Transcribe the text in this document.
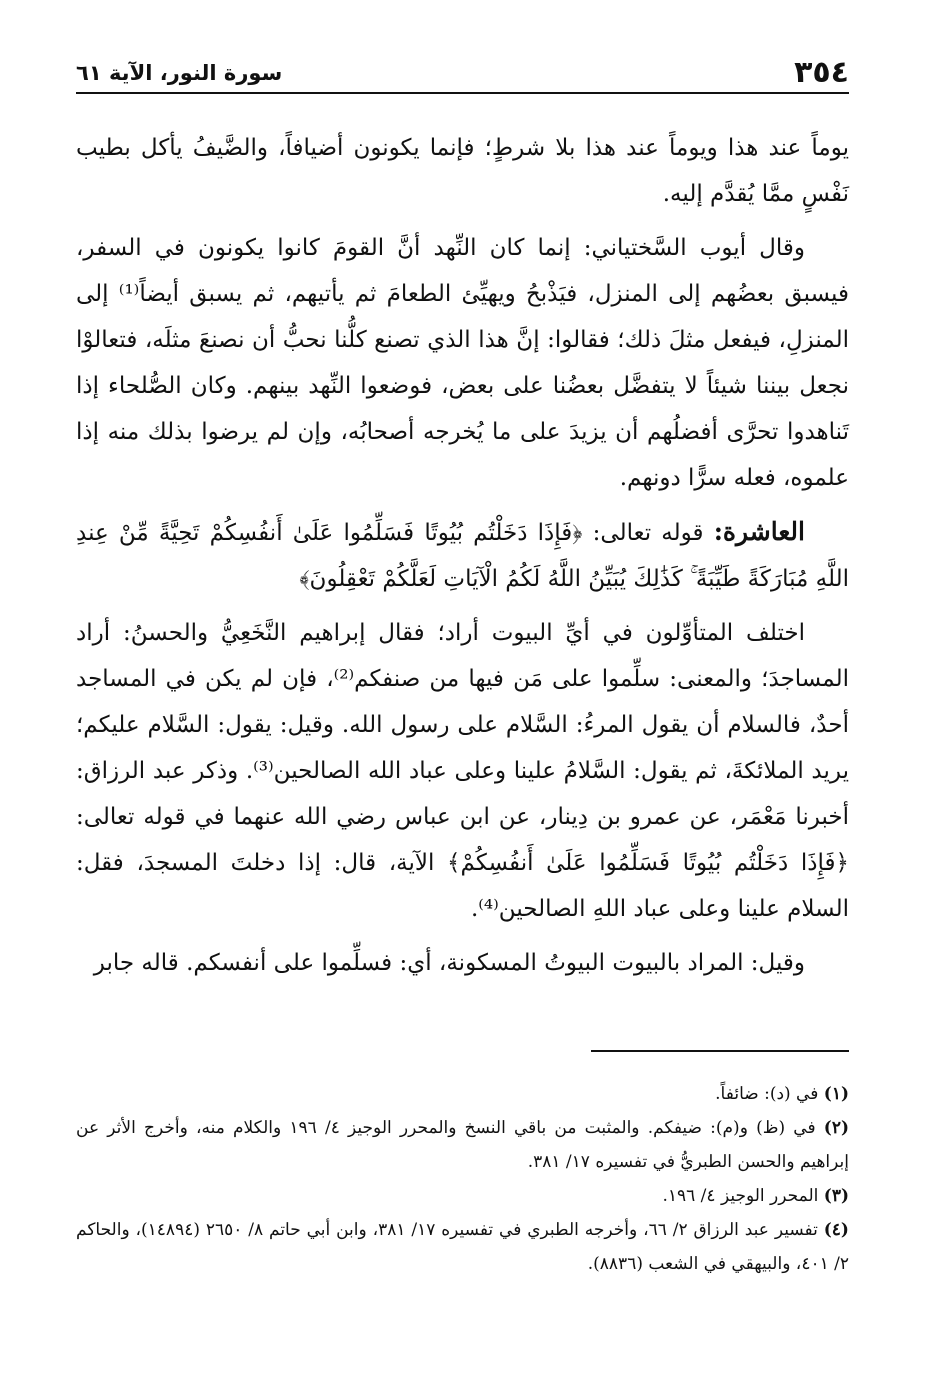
٣٥٤
سورة النور، الآية ٦١

يوماً عند هذا ويوماً عند هذا بلا شرطٍ؛ فإنما يكونون أضيافاً، والضَّيفُ يأكل بطيب نَفْسٍ ممَّا يُقدَّم إليه.

وقال أيوب السَّختياني: إنما كان النِّهد أنَّ القومَ كانوا يكونون في السفر، فيسبق بعضُهم إلى المنزل، فيَذْبحُ ويهيِّئ الطعامَ ثم يأتيهم، ثم يسبق أيضاً⁽¹⁾ إلى المنزلِ، فيفعل مثلَ ذلك؛ فقالوا: إنَّ هذا الذي تصنع كلُّنا نحبُّ أن نصنعَ مثلَه، فتعالوْا نجعل بيننا شيئاً لا يتفضَّل بعضُنا على بعض، فوضعوا النِّهد بينهم. وكان الصُّلحاء إذا تَناهدوا تحرَّى أفضلُهم أن يزيدَ على ما يُخرجه أصحابُه، وإن لم يرضوا بذلك منه إذا علموه، فعله سرًّا دونهم.

العاشرة: قوله تعالى: ﴿فَإِذَا دَخَلْتُم بُيُوتًا فَسَلِّمُوا عَلَىٰ أَنفُسِكُمْ تَحِيَّةً مِّنْ عِندِ اللَّهِ مُبَارَكَةً طَيِّبَةً ۚ كَذَٰلِكَ يُبَيِّنُ اللَّهُ لَكُمُ الْآيَاتِ لَعَلَّكُمْ تَعْقِلُونَ﴾

اختلف المتأوِّلون في أيِّ البيوت أراد؛ فقال إبراهيم النَّخَعِيُّ والحسنُ: أراد المساجدَ؛ والمعنى: سلِّموا على مَن فيها من صنفكم⁽²⁾، فإن لم يكن في المساجد أحدٌ، فالسلام أن يقول المرءُ: السَّلام على رسول الله. وقيل: يقول: السَّلام عليكم؛ يريد الملائكةَ، ثم يقول: السَّلامُ علينا وعلى عباد الله الصالحين⁽³⁾. وذكر عبد الرزاق: أخبرنا مَعْمَر، عن عمرو بن دِينار، عن ابن عباس رضي الله عنهما في قوله تعالى: ﴿فَإِذَا دَخَلْتُم بُيُوتًا فَسَلِّمُوا عَلَىٰ أَنفُسِكُمْ﴾ الآية، قال: إذا دخلتَ المسجدَ، فقل: السلام علينا وعلى عباد اللهِ الصالحين⁽⁴⁾.

وقيل: المراد بالبيوت البيوتُ المسكونة، أي: فسلِّموا على أنفسكم. قاله جابر

(١) في (د): ضائفاً.

(٢) في (ظ) و(م): ضيفكم. والمثبت من باقي النسخ والمحرر الوجيز ٤/ ١٩٦ والكلام منه، وأخرج الأثر عن إبراهيم والحسن الطبريُّ في تفسيره ١٧/ ٣٨١.

(٣) المحرر الوجيز ٤/ ١٩٦.

(٤) تفسير عبد الرزاق ٢/ ٦٦، وأخرجه الطبري في تفسيره ١٧/ ٣٨١، وابن أبي حاتم ٨/ ٢٦٥٠ (١٤٨٩٤)، والحاكم ٢/ ٤٠١، والبيهقي في الشعب (٨٨٣٦).
